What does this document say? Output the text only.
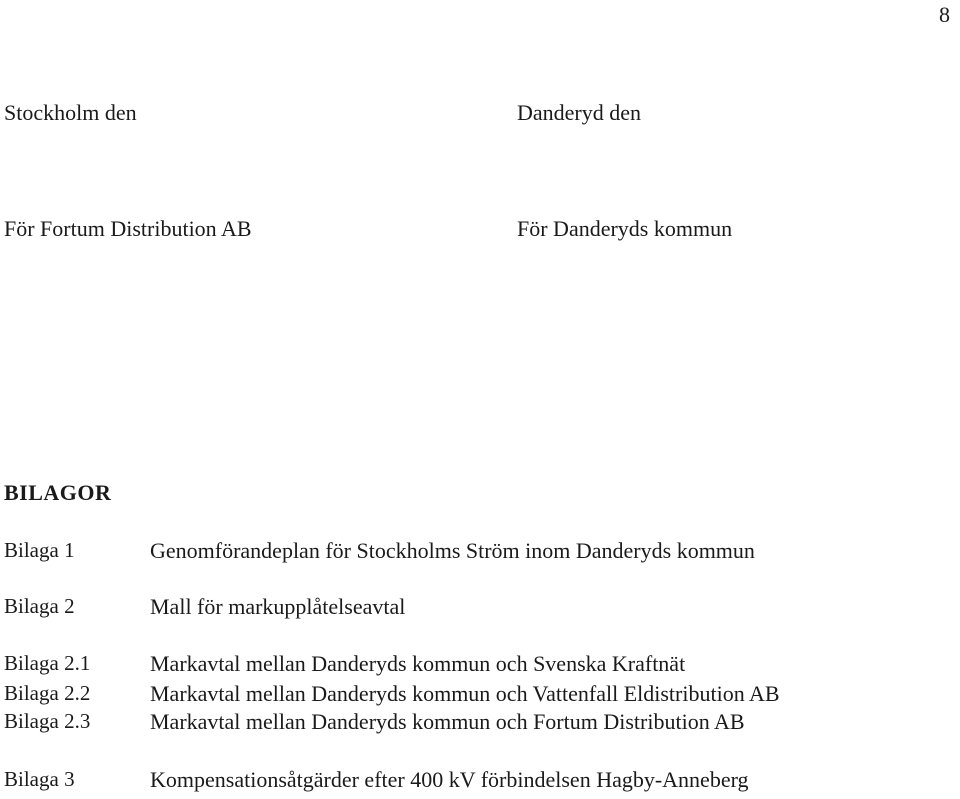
8
Stockholm den	Danderyd den
För Fortum Distribution AB	För Danderyds kommun
BILAGOR
Bilaga 1	Genomförandeplan för Stockholms Ström inom Danderyds kommun
Bilaga 2	Mall för markupplåtelseavtal
Bilaga 2.1	Markavtal mellan Danderyds kommun och Svenska Kraftnät
Bilaga 2.2	Markavtal mellan Danderyds kommun och Vattenfall Eldistribution AB
Bilaga 2.3	Markavtal mellan Danderyds kommun och Fortum Distribution AB
Bilaga 3	Kompensationsåtgärder efter 400 kV förbindelsen Hagby-Anneberg
